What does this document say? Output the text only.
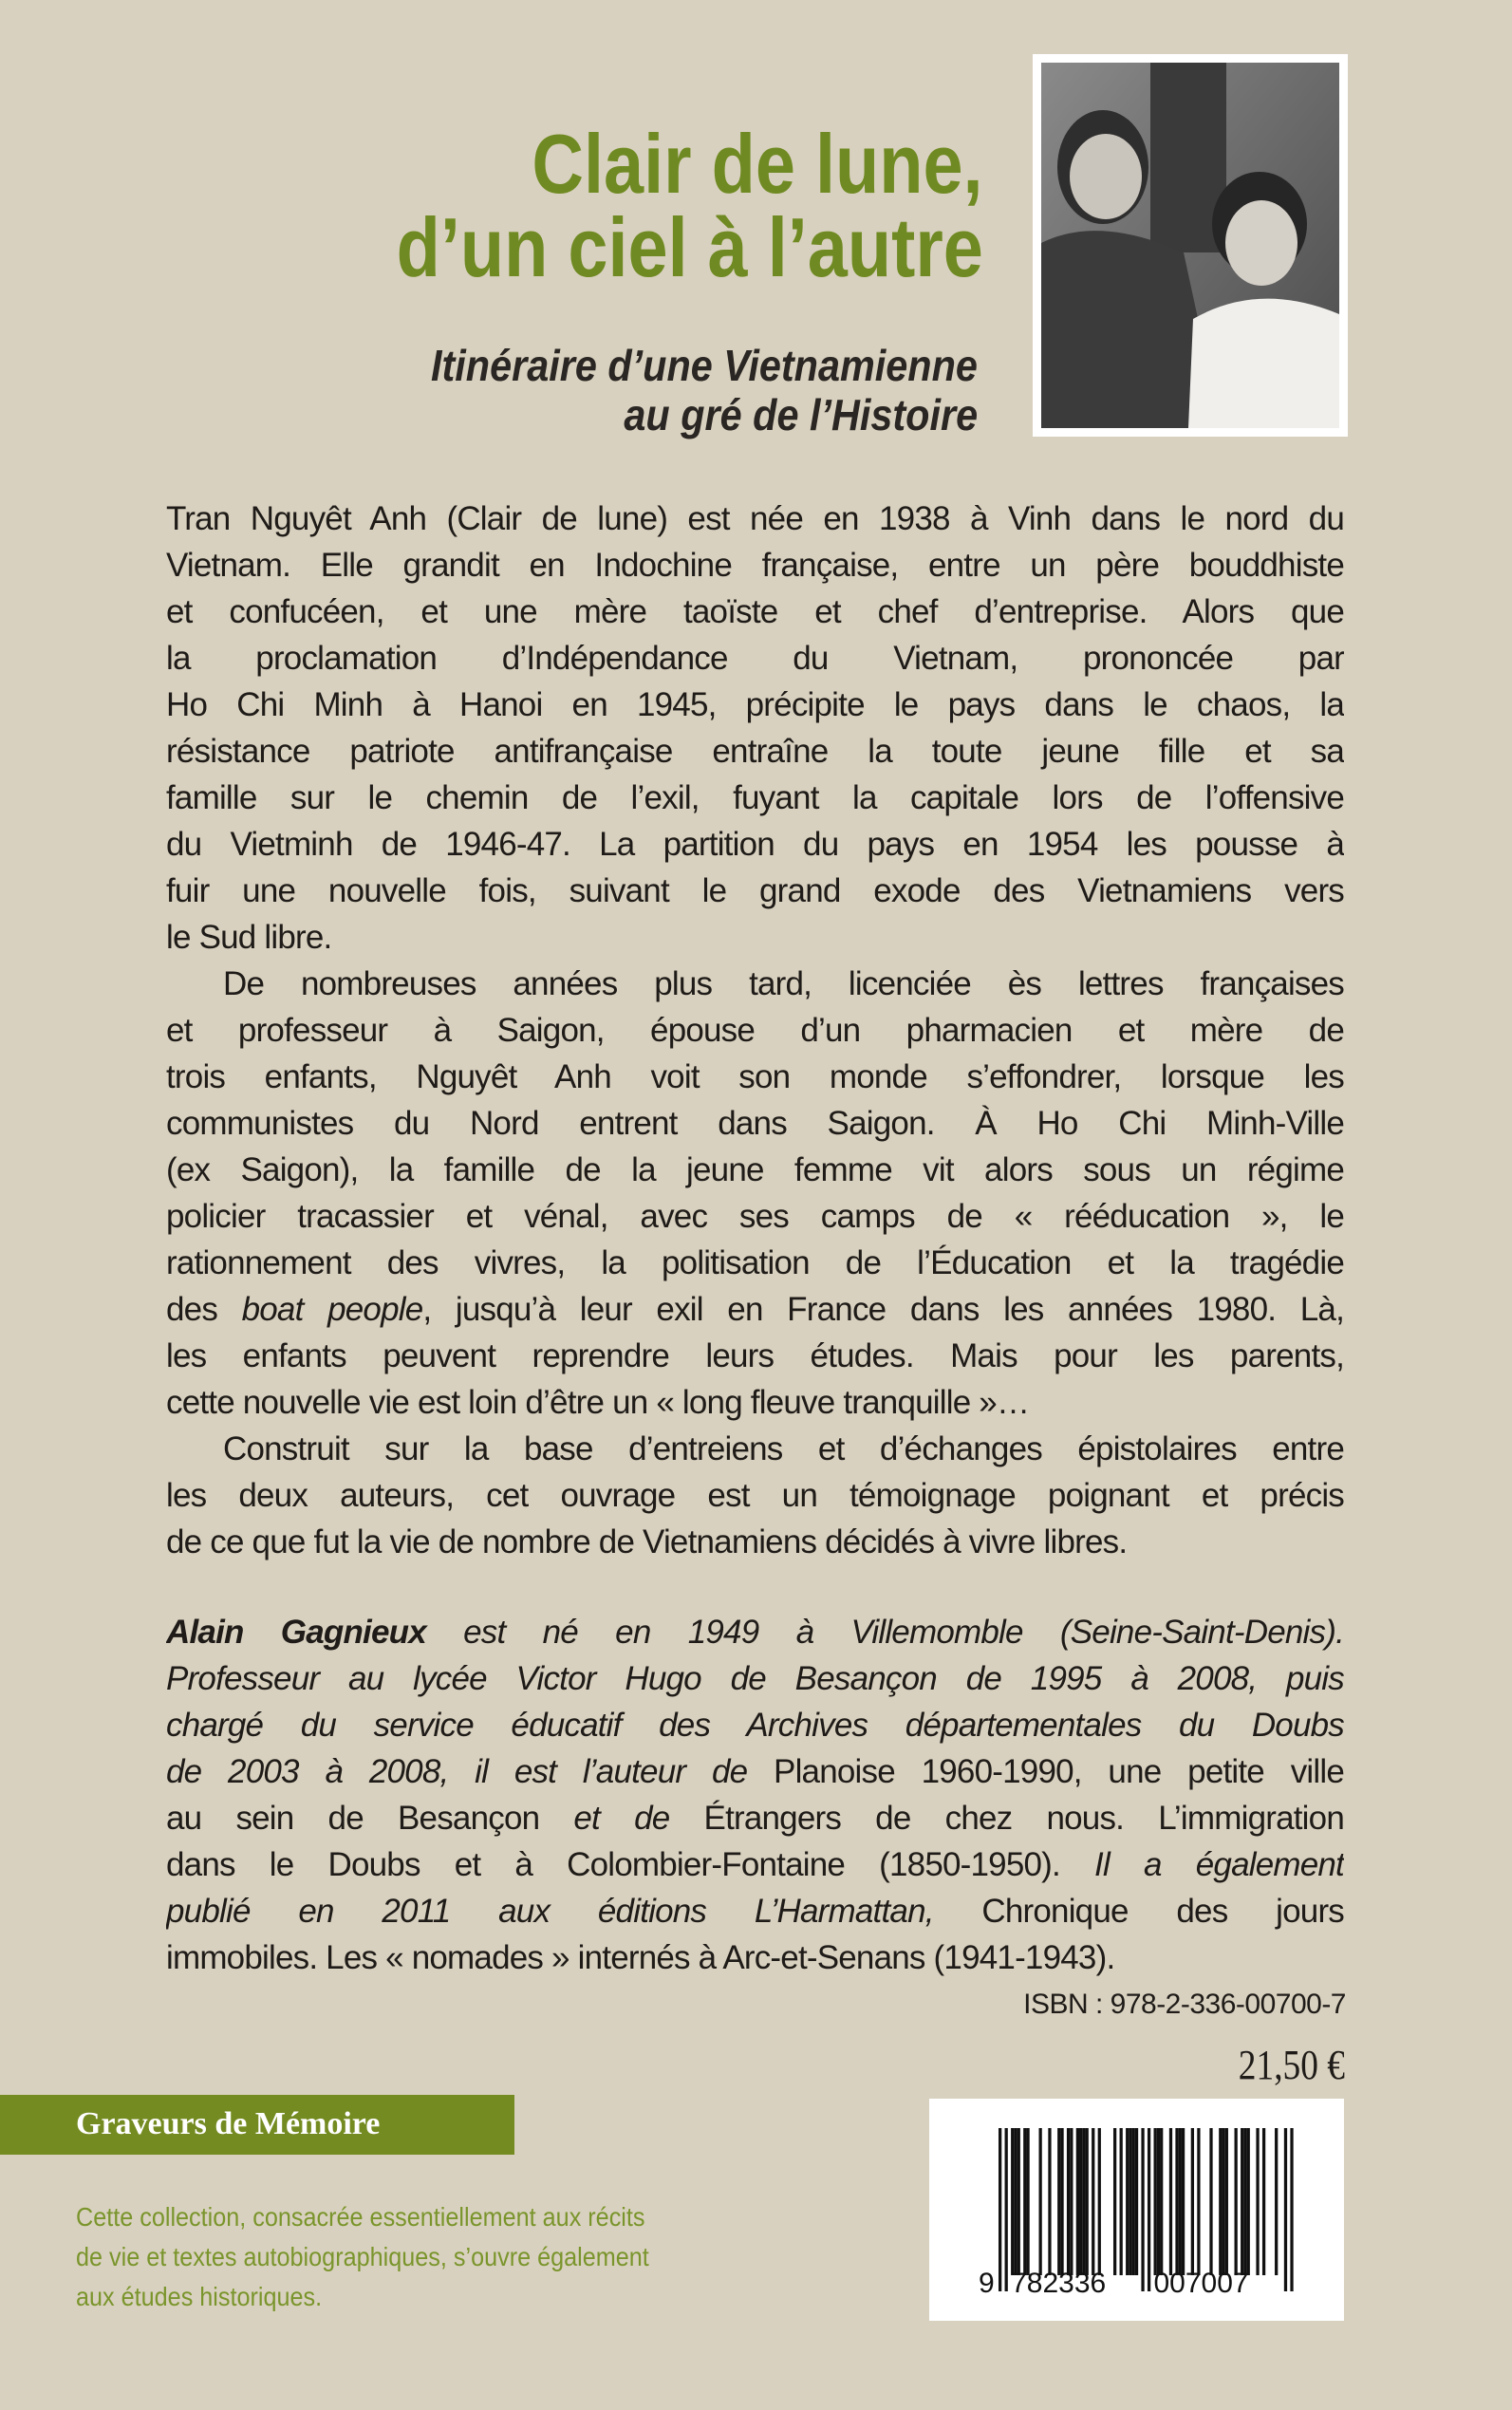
Clair de lune,
d’un ciel à l’autre
Itinéraire d’une Vietnamienne
au gré de l’Histoire
Tran Nguyêt Anh (Clair de lune) est née en 1938 à Vinh dans le nord du
Vietnam. Elle grandit en Indochine française, entre un père bouddhiste
et confucéen, et une mère taoïste et chef d’entreprise. Alors que
la proclamation d’Indépendance du Vietnam, prononcée par
Ho Chi Minh à Hanoi en 1945, précipite le pays dans le chaos, la
résistance patriote antifrançaise entraîne la toute jeune fille et sa
famille sur le chemin de l’exil, fuyant la capitale lors de l’offensive
du Vietminh de 1946-47. La partition du pays en 1954 les pousse à
fuir une nouvelle fois, suivant le grand exode des Vietnamiens vers
le Sud libre.
De nombreuses années plus tard, licenciée ès lettres françaises
et professeur à Saigon, épouse d’un pharmacien et mère de
trois enfants, Nguyêt Anh voit son monde s’effondrer, lorsque les
communistes du Nord entrent dans Saigon. À Ho Chi Minh-Ville
(ex Saigon), la famille de la jeune femme vit alors sous un régime
policier tracassier et vénal, avec ses camps de « rééducation », le
rationnement des vivres, la politisation de l’Éducation et la tragédie
des boat people, jusqu’à leur exil en France dans les années 1980. Là,
les enfants peuvent reprendre leurs études. Mais pour les parents,
cette nouvelle vie est loin d’être un « long fleuve tranquille »…
Construit sur la base d’entreiens et d’échanges épistolaires entre
les deux auteurs, cet ouvrage est un témoignage poignant et précis
de ce que fut la vie de nombre de Vietnamiens décidés à vivre libres.
Alain Gagnieux est né en 1949 à Villemomble (Seine-Saint-Denis).
Professeur au lycée Victor Hugo de Besançon de 1995 à 2008, puis
chargé du service éducatif des Archives départementales du Doubs
de 2003 à 2008, il est l’auteur de Planoise 1960-1990, une petite ville
au sein de Besançon et de Étrangers de chez nous. L’immigration
dans le Doubs et à Colombier-Fontaine (1850-1950). Il a également
publié en 2011 aux éditions L’Harmattan, Chronique des jours
immobiles. Les « nomades » internés à Arc-et-Senans (1941-1943).
ISBN : 978-2-336-00700-7
21,50 €
Graveurs de Mémoire
Cette collection, consacrée essentiellement aux récits
de vie et textes autobiographiques, s’ouvre également
aux études historiques.	9 782336 007007
